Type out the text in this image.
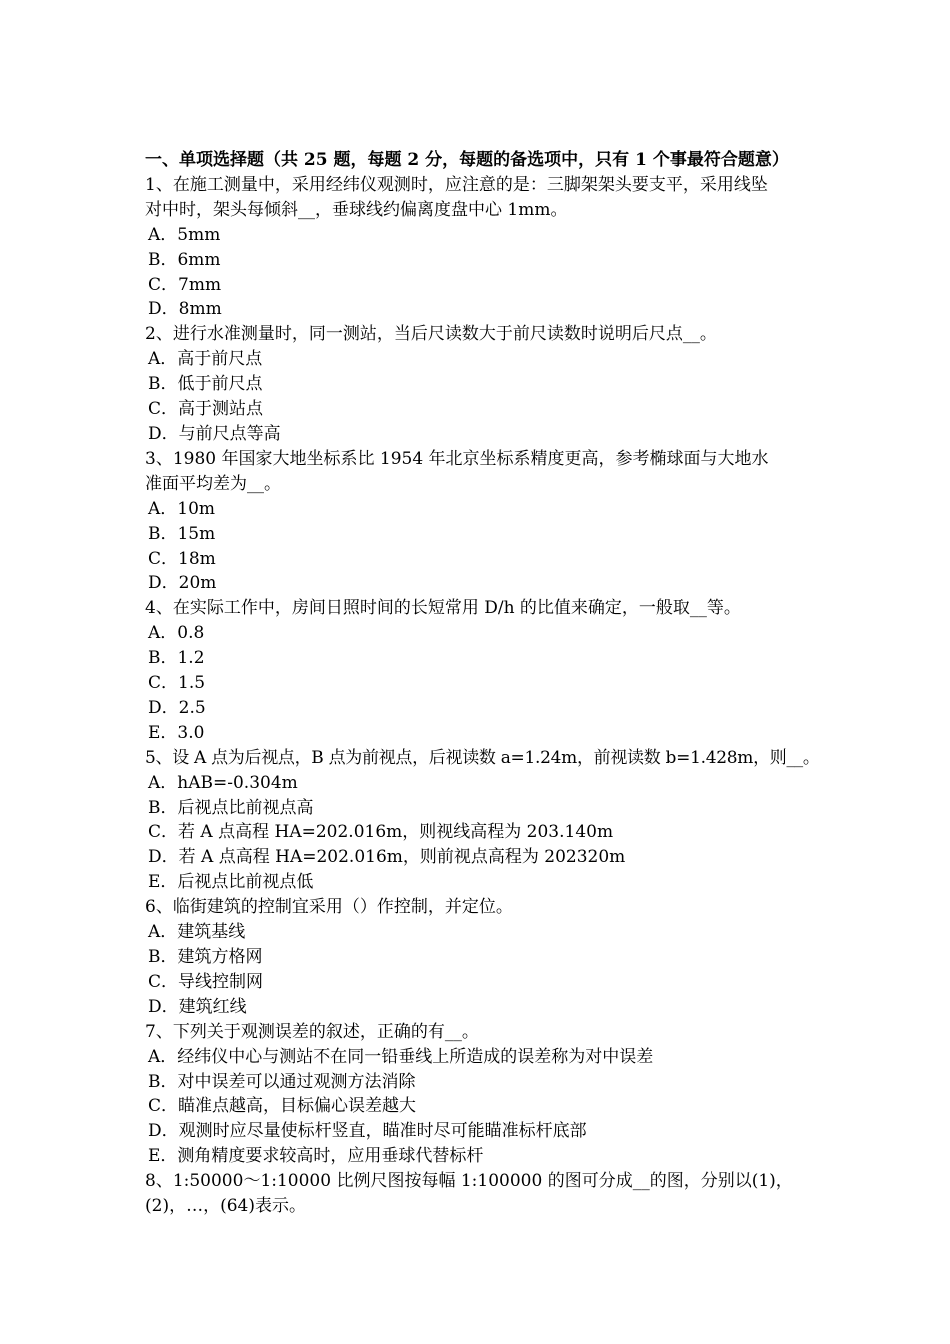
一、单项选择题（共 25 题，每题 2 分，每题的备选项中，只有 1 个事最符合题意）
1、在施工测量中，采用经纬仪观测时，应注意的是：三脚架架头要支平，采用线坠
对中时，架头每倾斜__，垂球线约偏离度盘中心 1mm。
A．5mm
B．6mm
C．7mm
D．8mm
2、进行水准测量时，同一测站，当后尺读数大于前尺读数时说明后尺点__。
A．高于前尺点
B．低于前尺点
C．高于测站点
D．与前尺点等高
3、1980 年国家大地坐标系比 1954 年北京坐标系精度更高，参考椭球面与大地水
准面平均差为__。
A．10m
B．15m
C．18m
D．20m
4、在实际工作中，房间日照时间的长短常用 D/h 的比值来确定，一般取__等。
A．0.8
B．1.2
C．1.5
D．2.5
E．3.0
5、设 A 点为后视点，B 点为前视点，后视读数 a=1.24m，前视读数 b=1.428m，则__。
A．hAB=-0.304m
B．后视点比前视点高
C．若 A 点高程 HA=202.016m，则视线高程为 203.140m
D．若 A 点高程 HA=202.016m，则前视点高程为 202320m
E．后视点比前视点低
6、临街建筑的控制宜采用（）作控制，并定位。
A．建筑基线
B．建筑方格网
C．导线控制网
D．建筑红线
7、下列关于观测误差的叙述，正确的有__。
A．经纬仪中心与测站不在同一铅垂线上所造成的误差称为对中误差
B．对中误差可以通过观测方法消除
C．瞄准点越高，目标偏心误差越大
D．观测时应尽量使标杆竖直，瞄准时尽可能瞄准标杆底部
E．测角精度要求较高时，应用垂球代替标杆
8、1:50000～1:10000 比例尺图按每幅 1:100000 的图可分成__的图，分别以(1)，
(2)，…，(64)表示。
